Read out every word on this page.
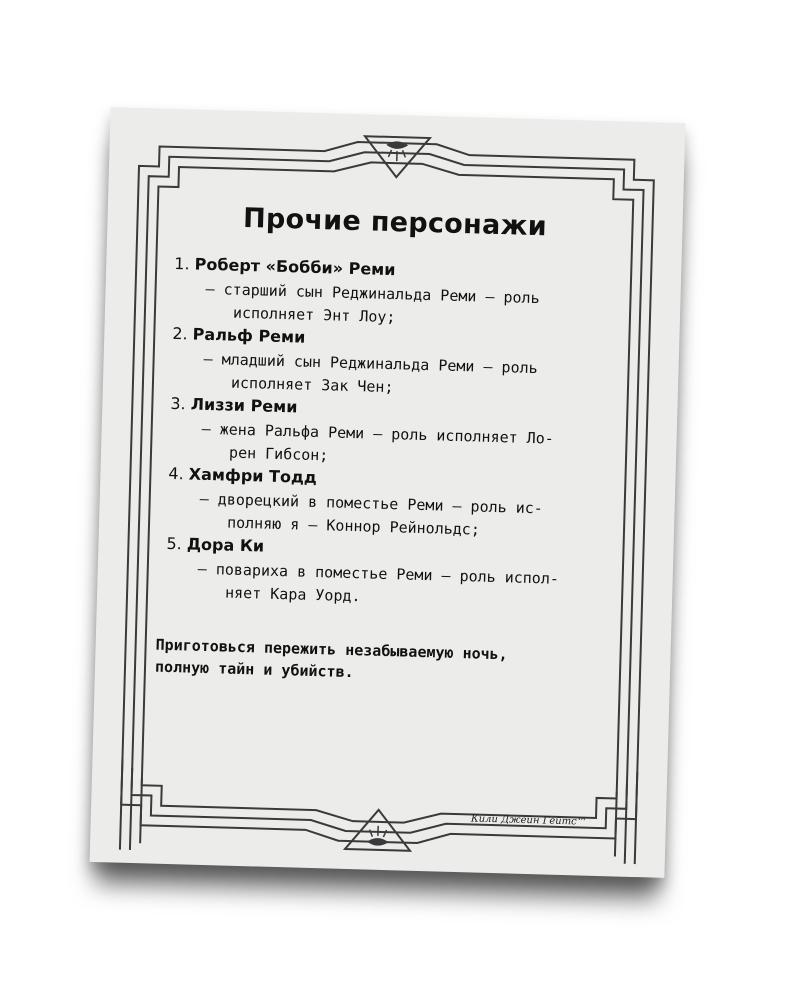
Прочие персонажи
1. Роберт «Бобби» Реми
— старший сын Реджинальда Реми — роль
исполняет Энт Лоу;
2. Ральф Реми
— младший сын Реджинальда Реми — роль
исполняет Зак Чен;
3. Лиззи Реми
— жена Ральфа Реми — роль исполняет Ло-
рен Гибсон;
4. Хамфри Тодд
— дворецкий в поместье Реми — роль ис-
полняю я — Коннор Рейнольдс;
5. Дора Ки
— повариха в поместье Реми — роль испол-
няет Кара Уорд.
Приготовься пережить незабываемую ночь,
полную тайн и убийств.
Кили Джейн Гейтс™
